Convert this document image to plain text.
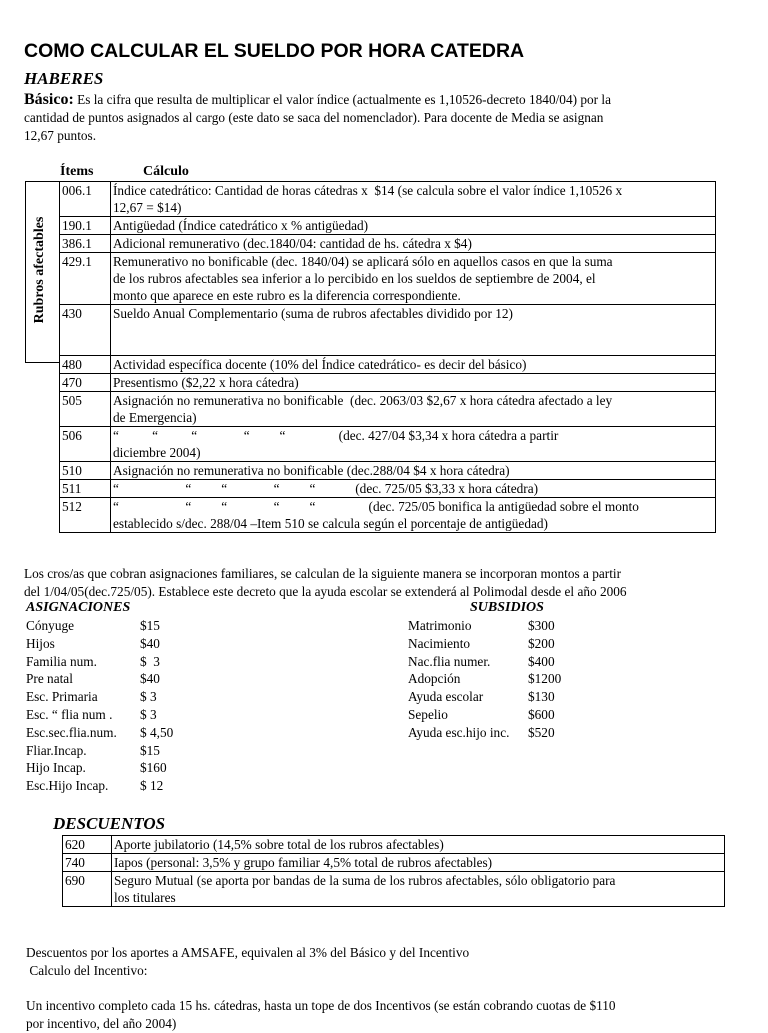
COMO CALCULAR EL SUELDO POR HORA CATEDRA
HABERES
Básico: Es la cifra que resulta de multiplicar el valor índice (actualmente es 1,10526-decreto 1840/04) por la
cantidad de puntos asignados al cargo (este dato se saca del nomenclador). Para docente de Media se asignan
12,67 puntos.
Ítems	Cálculo
Rubros afectables
006.1	Índice catedrático: Cantidad de horas cátedras x  $14 (se calcula sobre el valor índice 1,10526 x
12,67 = $14)

190.1	Antigüedad (Índice catedrático x % antigüedad)

386.1	Adicional remunerativo (dec.1840/04: cantidad de hs. cátedra x $4)

429.1	Remunerativo no bonificable (dec. 1840/04) se aplicará sólo en aquellos casos en que la suma
de los rubros afectables sea inferior a lo percibido en los sueldos de septiembre de 2004, el
monto que aparece en este rubro es la diferencia correspondiente.

430	Sueldo Anual Complementario (suma de rubros afectables dividido por 12)

480	Actividad específica docente (10% del Índice catedrático- es decir del básico)

470	Presentismo ($2,22 x hora cátedra)

505	Asignación no remunerativa no bonificable  (dec. 2063/03 $2,67 x hora cátedra afectado a ley
de Emergencia)

506	“          “          “              “         “                (dec. 427/04 $3,34 x hora cátedra a partir
diciembre 2004)

510	Asignación no remunerativa no bonificable (dec.288/04 $4 x hora cátedra)

511	“                    “         “              “         “            (dec. 725/05 $3,33 x hora cátedra)

512	“                    “         “              “         “                (dec. 725/05 bonifica la antigüedad sobre el monto
establecido s/dec. 288/04 –Item 510 se calcula según el porcentaje de antigüedad)
Los cros/as que cobran asignaciones familiares, se calculan de la siguiente manera se incorporan montos a partir
del 1/04/05(dec.725/05). Establece este decreto que la ayuda escolar se extenderá al Polimodal desde el año 2006
ASIGNACIONES	SUBSIDIOS
Cónyuge	$15
Hijos	$40
Familia num.	$  3
Pre natal	$40
Esc. Primaria	$ 3
Esc. “ flia num . $ 3
Esc.sec.flia.num. $ 4,50
Fliar.Incap.	$15
Hijo Incap.	$160
Esc.Hijo Incap. $ 12
Matrimonio	$300
Nacimiento	$200
Nac.flia numer.	$400
Adopción	$1200
Ayuda escolar	$130
Sepelio	$600
Ayuda esc.hijo inc. $520
DESCUENTOS
620	Aporte jubilatorio (14,5% sobre total de los rubros afectables)

740	Iapos (personal: 3,5% y grupo familiar 4,5% total de rubros afectables)

690	Seguro Mutual (se aporta por bandas de la suma de los rubros afectables, sólo obligatorio para
los titulares
Descuentos por los aportes a AMSAFE, equivalen al 3% del Básico y del Incentivo
Calculo del Incentivo:
Un incentivo completo cada 15 hs. cátedras, hasta un tope de dos Incentivos (se están cobrando cuotas de $110
por incentivo, del año 2004)
